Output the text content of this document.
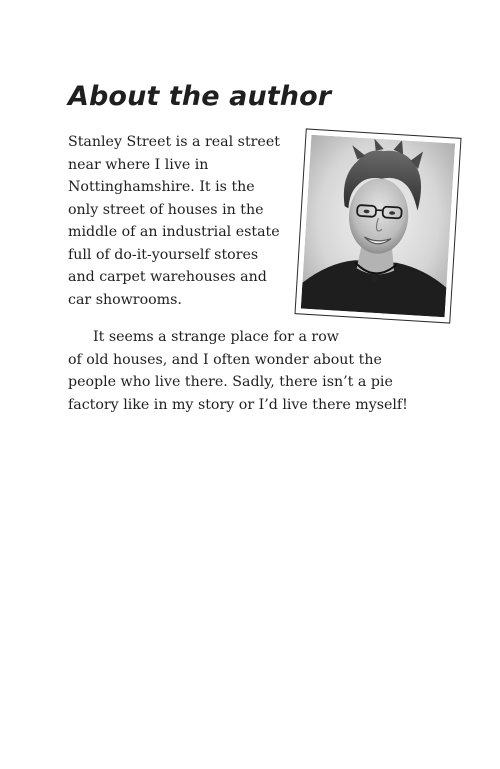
About the author
Stanley Street is a real street
near where I live in
Nottinghamshire. It is the
only street of houses in the
middle of an industrial estate
full of do-it-yourself stores
and carpet warehouses and
car showrooms.
It seems a strange place for a row
of old houses, and I often wonder about the
people who live there. Sadly, there isn’t a pie
factory like in my story or I’d live there myself!
